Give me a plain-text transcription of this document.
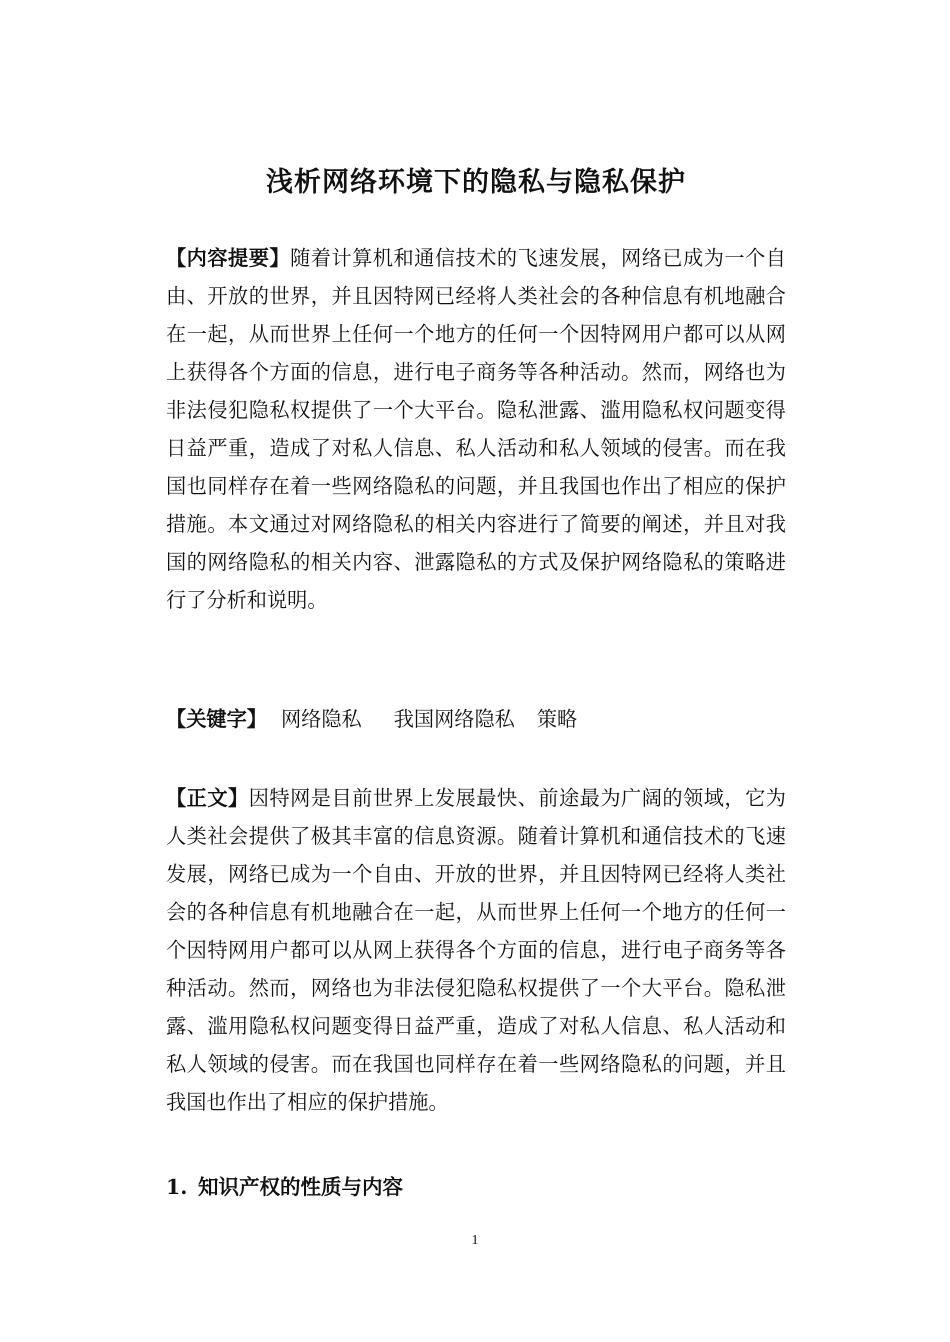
浅析网络环境下的隐私与隐私保护

【内容提要】随着计算机和通信技术的飞速发展，网络已成为一个自由、开放的世界，并且因特网已经将人类社会的各种信息有机地融合在一起，从而世界上任何一个地方的任何一个因特网用户都可以从网上获得各个方面的信息，进行电子商务等各种活动。然而，网络也为非法侵犯隐私权提供了一个大平台。隐私泄露、滥用隐私权问题变得日益严重，造成了对私人信息、私人活动和私人领域的侵害。而在我国也同样存在着一些网络隐私的问题，并且我国也作出了相应的保护措施。本文通过对网络隐私的相关内容进行了简要的阐述，并且对我国的网络隐私的相关内容、泄露隐私的方式及保护网络隐私的策略进行了分析和说明。

【关键字】 网络隐私 我国网络隐私 策略

【正文】因特网是目前世界上发展最快、前途最为广阔的领域，它为人类社会提供了极其丰富的信息资源。随着计算机和通信技术的飞速发展，网络已成为一个自由、开放的世界，并且因特网已经将人类社会的各种信息有机地融合在一起，从而世界上任何一个地方的任何一个因特网用户都可以从网上获得各个方面的信息，进行电子商务等各种活动。然而，网络也为非法侵犯隐私权提供了一个大平台。隐私泄露、滥用隐私权问题变得日益严重，造成了对私人信息、私人活动和私人领域的侵害。而在我国也同样存在着一些网络隐私的问题，并且我国也作出了相应的保护措施。

1. 知识产权的性质与内容
1
